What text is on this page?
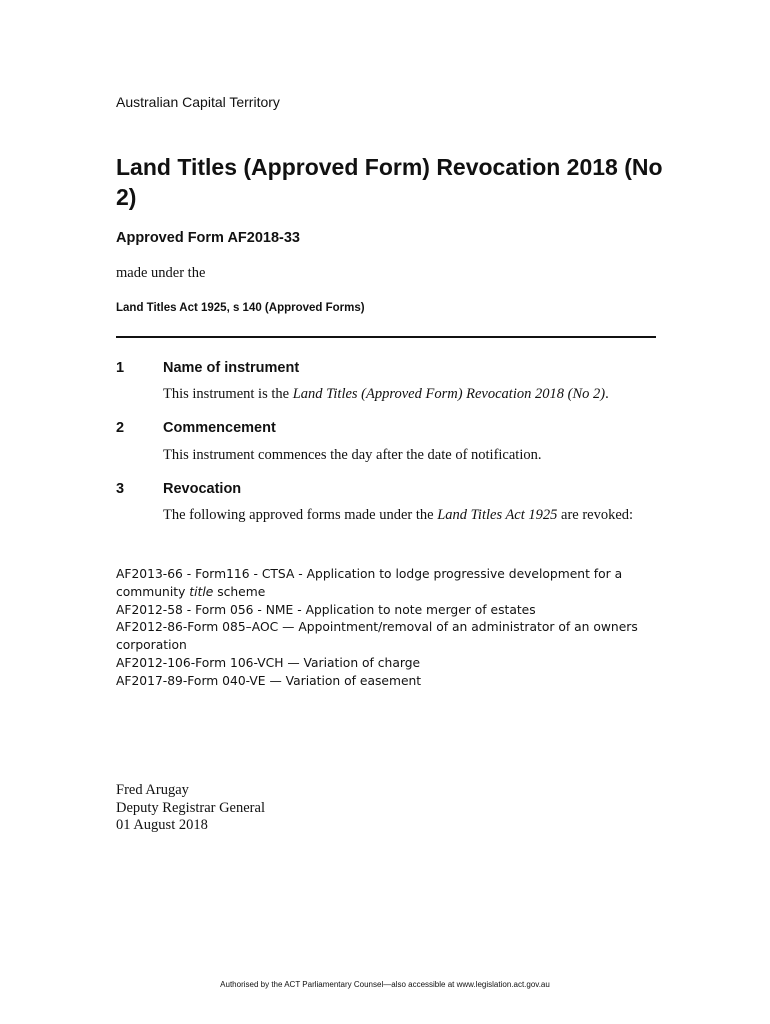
Australian Capital Territory
Land Titles (Approved Form) Revocation 2018 (No 2)
Approved Form AF2018-33
made under the
Land Titles Act 1925, s 140 (Approved Forms)
1	Name of instrument
This instrument is the Land Titles (Approved Form) Revocation 2018 (No 2).
2	Commencement
This instrument commences the day after the date of notification.
3	Revocation
The following approved forms made under the Land Titles Act 1925 are revoked:
AF2013-66 - Form116 - CTSA - Application to lodge progressive development for a community title scheme
AF2012-58 - Form 056 - NME - Application to note merger of estates
AF2012-86-Form 085–AOC — Appointment/removal of an administrator of an owners corporation
AF2012-106-Form 106-VCH — Variation of charge
AF2017-89-Form 040-VE — Variation of easement
Fred Arugay
Deputy Registrar General
01 August 2018
Authorised by the ACT Parliamentary Counsel—also accessible at www.legislation.act.gov.au
